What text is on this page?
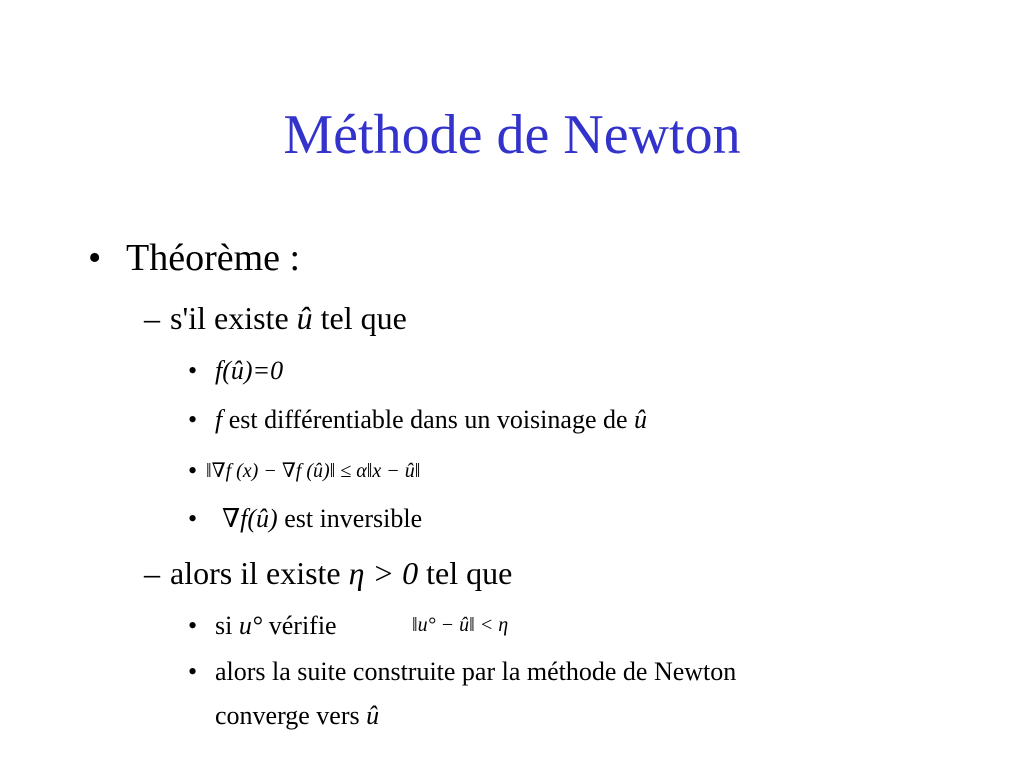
Méthode de Newton
• Théorème :
– s'il existe û tel que
• f(û)=0
• f est différentiable dans un voisinage de û
• ‖∇f (x) − ∇f (û)‖ ≤ α‖x − û‖
• ∇f(û) est inversible
– alors il existe η > 0 tel que
• si u° vérifie	‖u° − û‖ < η
• alors la suite construite par la méthode de Newton
converge vers û
